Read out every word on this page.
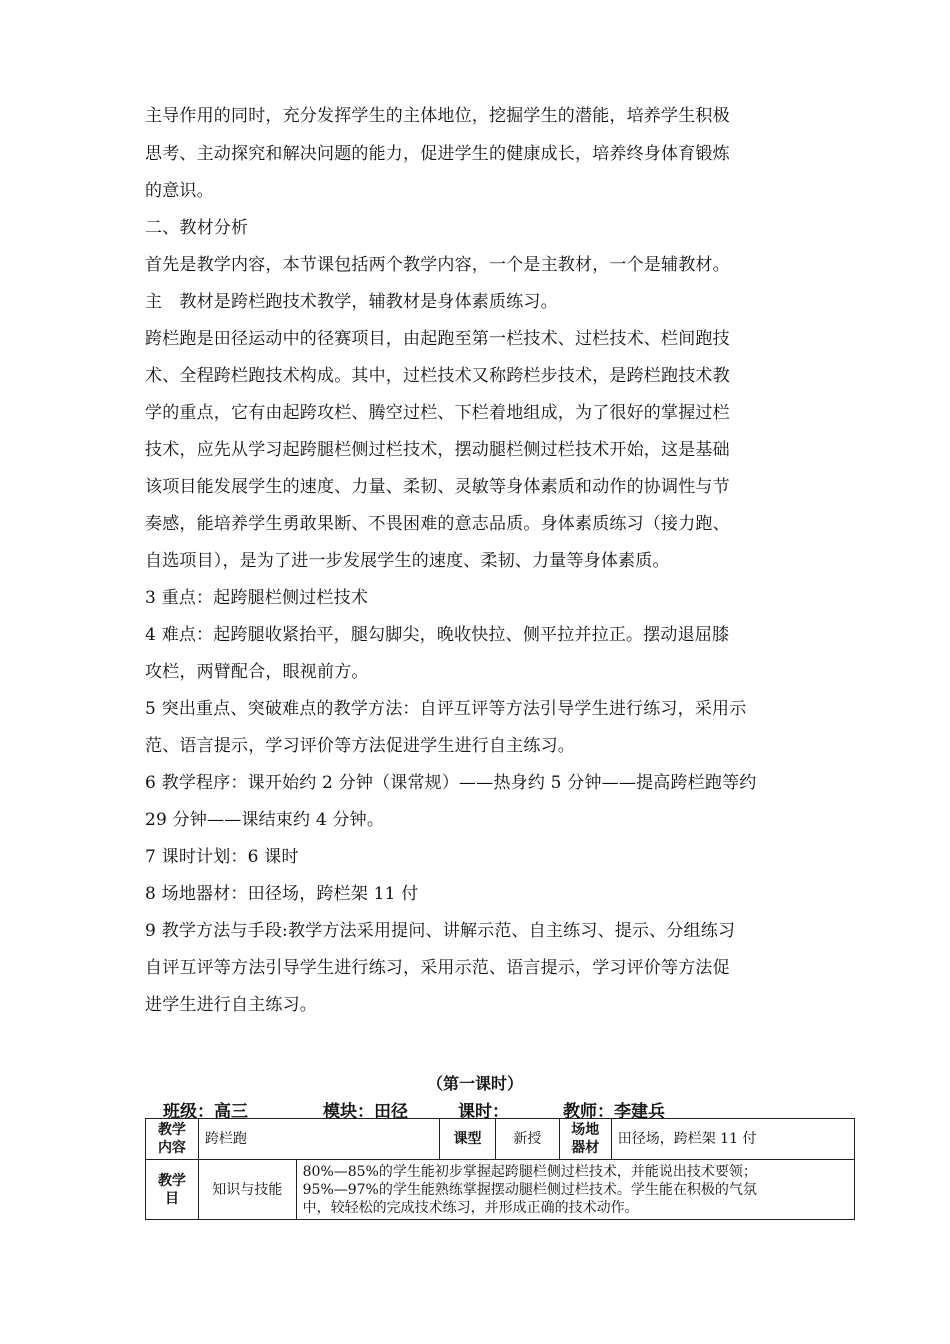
主导作用的同时，充分发挥学生的主体地位，挖掘学生的潜能，培养学生积极
思考、主动探究和解决问题的能力，促进学生的健康成长，培养终身体育锻炼
的意识。
二、教材分析
首先是教学内容，本节课包括两个教学内容，一个是主教材，一个是辅教材。
主　教材是跨栏跑技术教学，辅教材是身体素质练习。
跨栏跑是田径运动中的径赛项目，由起跑至第一栏技术、过栏技术、栏间跑技
术、全程跨栏跑技术构成。其中，过栏技术又称跨栏步技术，是跨栏跑技术教
学的重点，它有由起跨攻栏、腾空过栏、下栏着地组成，为了很好的掌握过栏
技术，应先从学习起跨腿栏侧过栏技术，摆动腿栏侧过栏技术开始，这是基础
该项目能发展学生的速度、力量、柔韧、灵敏等身体素质和动作的协调性与节
奏感，能培养学生勇敢果断、不畏困难的意志品质。身体素质练习（接力跑、
自选项目），是为了进一步发展学生的速度、柔韧、力量等身体素质。
3 重点：起跨腿栏侧过栏技术
4 难点：起跨腿收紧抬平，腿勾脚尖，晚收快拉、侧平拉并拉正。摆动退屈膝
攻栏，两臂配合，眼视前方。
5 突出重点、突破难点的教学方法：自评互评等方法引导学生进行练习，采用示
范、语言提示，学习评价等方法促进学生进行自主练习。
6 教学程序：课开始约 2 分钟（课常规）——热身约 5 分钟——提高跨栏跑等约
29 分钟——课结束约 4 分钟。
7 课时计划：6 课时
8 场地器材：田径场，跨栏架 11 付
9 教学方法与手段:教学方法采用提问、讲解示范、自主练习、提示、分组练习
自评互评等方法引导学生进行练习，采用示范、语言提示，学习评价等方法促
进学生进行自主练习。
（第一课时）
班级：高三	模块：田径	课时：	教师：李建兵
教学内容	跨栏跑		课型	新授	场地器材	田径场，跨栏架 11 付
教学目	知识与技能	80%—85%的学生能初步掌握起跨腿栏侧过栏技术，并能说出技术要领；
95%—97%的学生能熟练掌握摆动腿栏侧过栏技术。学生能在积极的气氛
中，较轻松的完成技术练习，并形成正确的技术动作。				
